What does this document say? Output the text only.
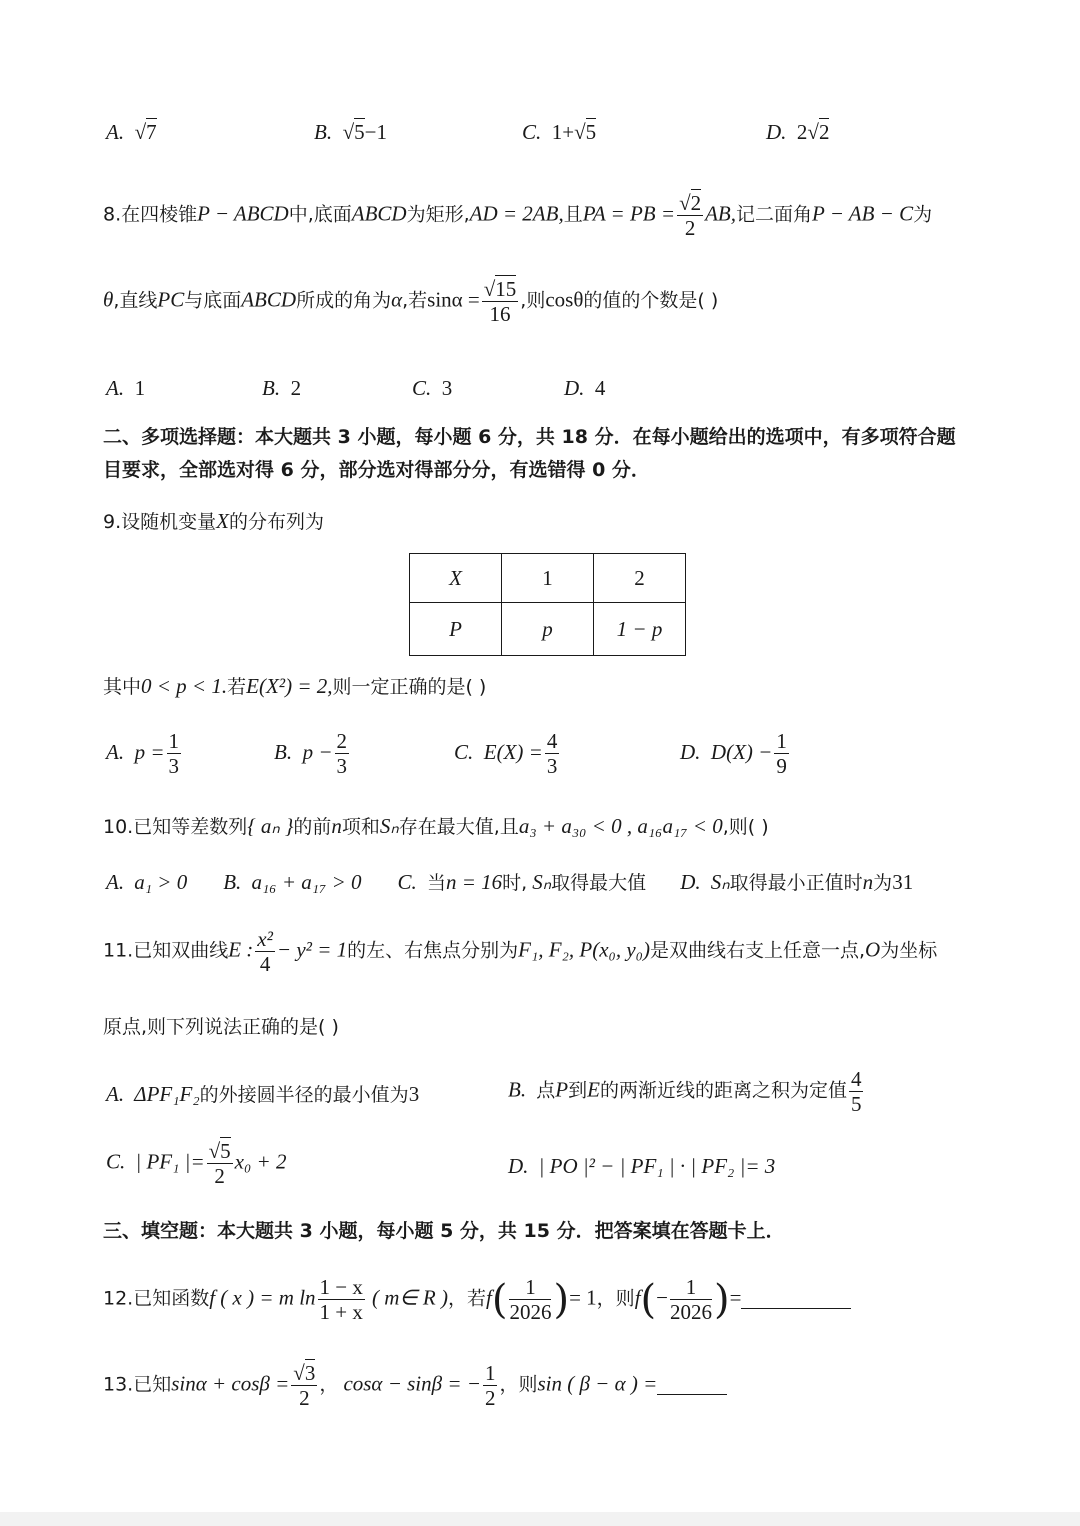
A.  √7	B.  √5−1	C. 1+√5	D. 2√2
8.在四棱锥P − ABCD中,底面ABCD为矩形,AD = 2AB,且PA = PB = $\frac{√2}{2}$ AB,记二面角P − AB − C为
θ,直线PC与底面ABCD所成的角为α,若$\sin\alpha = \frac{√15}{16}$ ,则cosθ的值的个数是( )
A. 1	B. 2	C. 3	D. 4
二、多项选择题：本大题共 3 小题，每小题 6 分，共 18 分．在每小题给出的选项中，有多项符合题
目要求，全部选对得 6 分，部分选对得部分分，有选错得 0 分．
9.设随机变量X的分布列为
X	1	2
P	p	1 − p
其中0 < p < 1.若E(X²) = 2,则一定正确的是( )
A. $p = \frac{1}{3}$	B. $p - \frac{2}{3}$	C. $E(X) = \frac{4}{3}$	D. $D(X) - \frac{1}{9}$
10.已知等差数列{ aₙ }的前n项和Sₙ存在最大值,且a₃ + a₃₀ < 0 , a₁₆a₁₇ < 0,则( )
A. a₁ > 0 B. a₁₆ + a₁₇ > 0 C. 当n = 16时, Sₙ取得最大值 D. Sₙ取得最小正值时n为31
11.已知双曲线E : $\frac{\text{x²}}{4} - y^2 = 1$的左、右焦点分别为F₁, F₂, P(x₀, y₀)是双曲线右支上任意一点,O为坐标
原点,则下列说法正确的是( )
A. ΔPF₁F₂的外接圆半径的最小值为3	B. 点P到E的两渐近线的距离之积为定值 $\frac{4}{5}$
C. | PF₁ |= $\frac{√5}{2} x_0 + 2$	D. | PO |² − | PF₁ | · | PF₂ |= 3
三、填空题：本大题共 3 小题，每小题 5 分，共 15 分．把答案填在答题卡上．
12.已知函数f ( x ) = m $\ln \frac{1 - x}{1 + x}$ ( m∈ R )，若$f( \frac{1}{2026}$ )= 1，则$f(- \frac{1}{2026}$ )=
13.已知$\sin\alpha + \cos\beta = \frac{√3}{2}$ ， cosα − sinβ = − $\frac{1}{2}$ ，则sin ( β − α ) =
